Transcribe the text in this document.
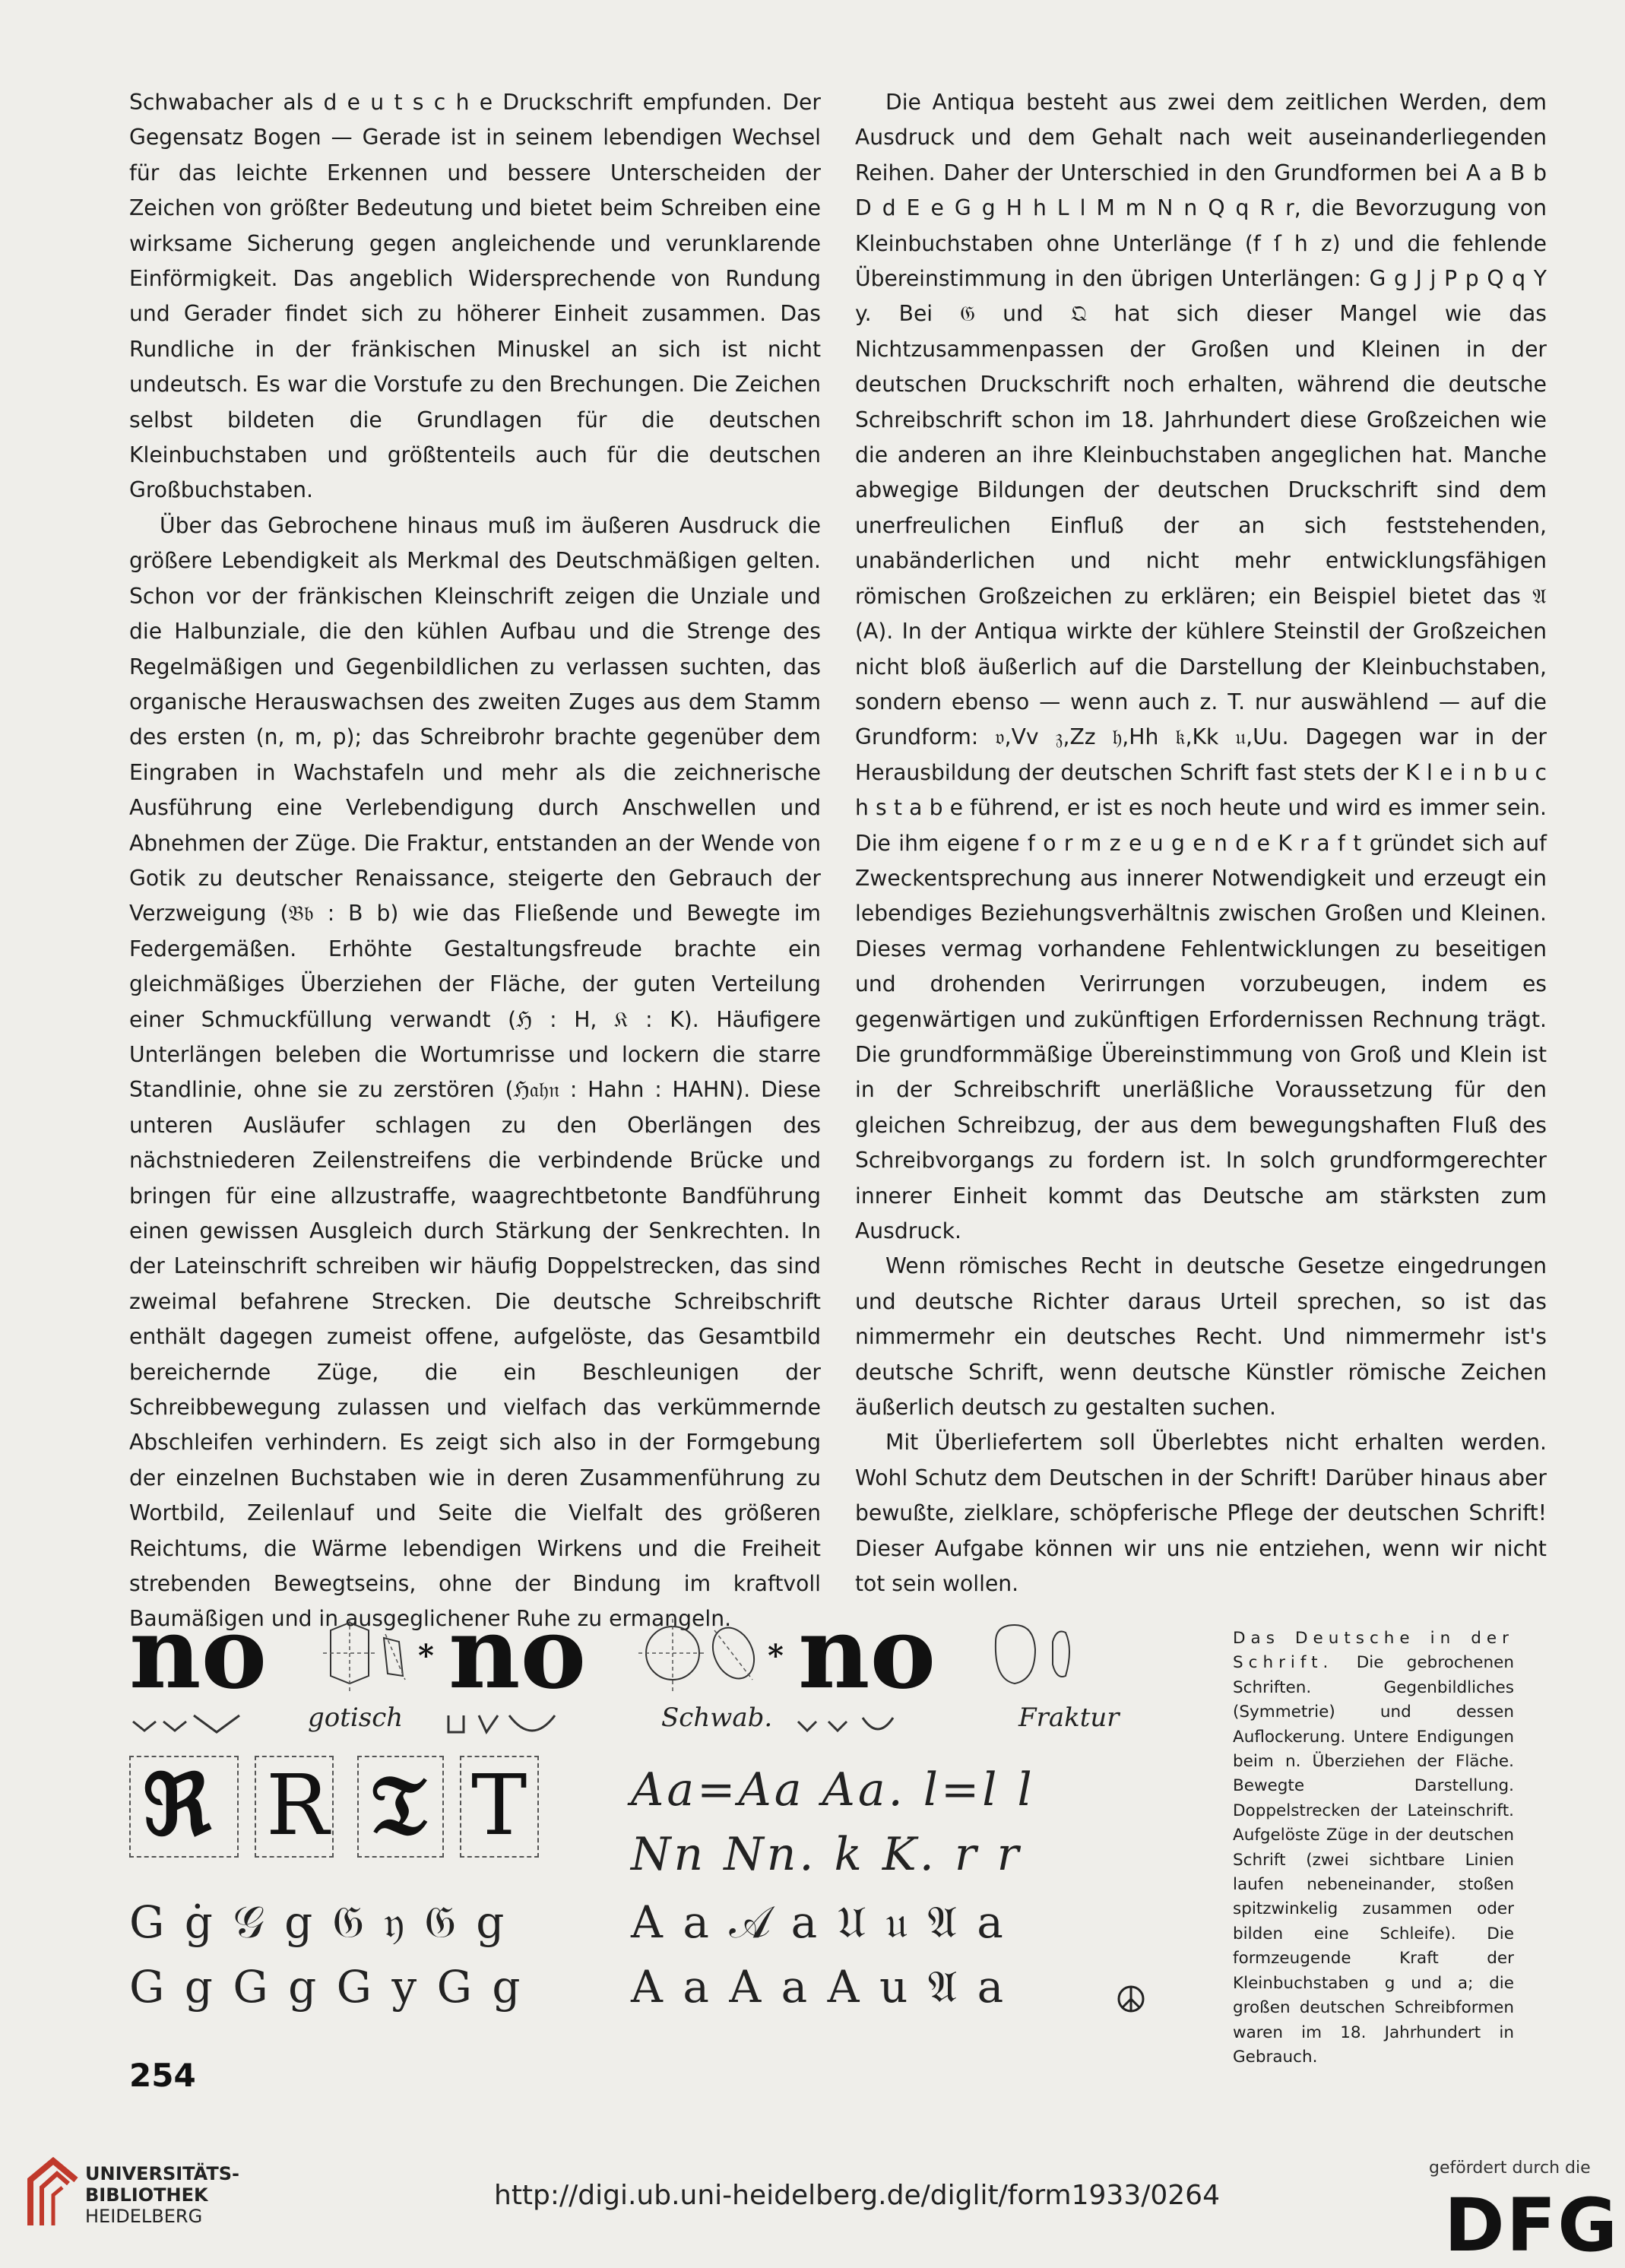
Schwabacher als d e u t s c h e Druckschrift empfunden. Der Gegensatz Bogen — Gerade ist in seinem lebendigen Wechsel für das leichte Erkennen und bessere Unterscheiden der Zeichen von größter Bedeutung und bietet beim Schreiben eine wirksame Sicherung gegen angleichende und verunklarende Einförmigkeit. Das angeblich Widersprechende von Rundung und Gerader findet sich zu höherer Einheit zusammen. Das Rundliche in der fränkischen Minuskel an sich ist nicht undeutsch. Es war die Vorstufe zu den Brechungen. Die Zeichen selbst bildeten die Grundlagen für die deutschen Kleinbuchstaben und größtenteils auch für die deutschen Großbuchstaben.

Über das Gebrochene hinaus muß im äußeren Ausdruck die größere Lebendigkeit als Merkmal des Deutschmäßigen gelten. Schon vor der fränkischen Kleinschrift zeigen die Unziale und die Halbunziale, die den kühlen Aufbau und die Strenge des Regelmäßigen und Gegenbildlichen zu verlassen suchten, das organische Herauswachsen des zweiten Zuges aus dem Stamm des ersten (n, m, p); das Schreibrohr brachte gegenüber dem Eingraben in Wachstafeln und mehr als die zeichnerische Ausführung eine Verlebendigung durch Anschwellen und Abnehmen der Züge. Die Fraktur, entstanden an der Wende von Gotik zu deutscher Renaissance, steigerte den Gebrauch der Verzweigung (𝔅𝔟 : B b) wie das Fließende und Bewegte im Federgemäßen. Erhöhte Gestaltungsfreude brachte ein gleichmäßiges Überziehen der Fläche, der guten Verteilung einer Schmuckfüllung verwandt (ℌ : H, 𝔎 : K). Häufigere Unterlängen beleben die Wortumrisse und lockern die starre Standlinie, ohne sie zu zerstören (ℌ𝔞𝔥𝔫 : Hahn : HAHN). Diese unteren Ausläufer schlagen zu den Oberlängen des nächstniederen Zeilenstreifens die verbindende Brücke und bringen für eine allzustraffe, waagrechtbetonte Bandführung einen gewissen Ausgleich durch Stärkung der Senkrechten. In der Lateinschrift schreiben wir häufig Doppelstrecken, das sind zweimal befahrene Strecken. Die deutsche Schreibschrift enthält dagegen zumeist offene, aufgelöste, das Gesamtbild bereichernde Züge, die ein Beschleunigen der Schreibbewegung zulassen und vielfach das verkümmernde Abschleifen verhindern. Es zeigt sich also in der Formgebung der einzelnen Buchstaben wie in deren Zusammenführung zu Wortbild, Zeilenlauf und Seite die Vielfalt des größeren Reichtums, die Wärme lebendigen Wirkens und die Freiheit strebenden Bewegtseins, ohne der Bindung im kraftvoll Baumäßigen und in ausgeglichener Ruhe zu ermangeln.

Die Antiqua besteht aus zwei dem zeitlichen Werden, dem Ausdruck und dem Gehalt nach weit auseinanderliegenden Reihen. Daher der Unterschied in den Grundformen bei A a B b D d E e G g H h L l M m N n Q q R r, die Bevorzugung von Kleinbuchstaben ohne Unterlänge (f ſ h z) und die fehlende Übereinstimmung in den übrigen Unterlängen: G g J j P p Q q Y y. Bei 𝔊 und 𝔔 hat sich dieser Mangel wie das Nichtzusammenpassen der Großen und Kleinen in der deutschen Druckschrift noch erhalten, während die deutsche Schreibschrift schon im 18. Jahrhundert diese Großzeichen wie die anderen an ihre Kleinbuchstaben angeglichen hat. Manche abwegige Bildungen der deutschen Druckschrift sind dem unerfreulichen Einfluß der an sich feststehenden, unabänderlichen und nicht mehr entwicklungsfähigen römischen Großzeichen zu erklären; ein Beispiel bietet das 𝔄 (A). In der Antiqua wirkte der kühlere Steinstil der Großzeichen nicht bloß äußerlich auf die Darstellung der Kleinbuchstaben, sondern ebenso — wenn auch z. T. nur auswählend — auf die Grundform: 𝔳,Vv 𝔷,Zz 𝔥,Hh 𝔨,Kk 𝔲,Uu. Dagegen war in der Herausbildung der deutschen Schrift fast stets der K l e i n b u c h s t a b e führend, er ist es noch heute und wird es immer sein. Die ihm eigene f o r m z e u g e n d e K r a f t gründet sich auf Zweckentsprechung aus innerer Notwendigkeit und erzeugt ein lebendiges Beziehungsverhältnis zwischen Großen und Kleinen. Dieses vermag vorhandene Fehlentwicklungen zu beseitigen und drohenden Verirrungen vorzubeugen, indem es gegenwärtigen und zukünftigen Erfordernissen Rechnung trägt. Die grundformmäßige Übereinstimmung von Groß und Klein ist in der Schreibschrift unerläßliche Voraussetzung für den gleichen Schreibzug, der aus dem bewegungshaften Fluß des Schreibvorgangs zu fordern ist. In solch grundformgerechter innerer Einheit kommt das Deutsche am stärksten zum Ausdruck.

Wenn römisches Recht in deutsche Gesetze eingedrungen und deutsche Richter daraus Urteil sprechen, so ist das nimmermehr ein deutsches Recht. Und nimmermehr ist's deutsche Schrift, wenn deutsche Künstler römische Zeichen äußerlich deutsch zu gestalten suchen.

Mit Überliefertem soll Überlebtes nicht erhalten werden. Wohl Schutz dem Deutschen in der Schrift! Darüber hinaus aber bewußte, zielklare, schöpferische Pflege der deutschen Schrift! Dieser Aufgabe können wir uns nie entziehen, wenn wir nicht tot sein wollen.

no	* no	* no
gotisch	Schwab.	Fraktur
ℜ R 𝔗 T Aa=Aa Aa. l=l l
Nn Nn. k K. r r
G ġ 𝒢 g 𝔊 𝔶 𝔊 g
G g G g G y G g
A a 𝒜 a 𝔘 𝔲 𝔄 a
A a A a A u 𝔄 a
Das Deutsche in der Schrift. Die gebrochenen Schriften. Gegenbildliches (Symmetrie) und dessen Auflockerung. Untere Endigungen beim n. Überziehen der Fläche. Bewegte Darstellung. Doppelstrecken der Lateinschrift. Aufgelöste Züge in der deutschen Schrift (zwei sichtbare Linien laufen nebeneinander, stoßen spitzwinkelig zusammen oder bilden eine Schleife). Die formzeugende Kraft der Kleinbuchstaben g und a; die großen deutschen Schreibformen waren im 18. Jahrhundert in Gebrauch.
254
UNIVERSITÄTS-
BIBLIOTHEK
HEIDELBERG
http://digi.ub.uni-heidelberg.de/diglit/form1933/0264
gefördert durch die
DFG
